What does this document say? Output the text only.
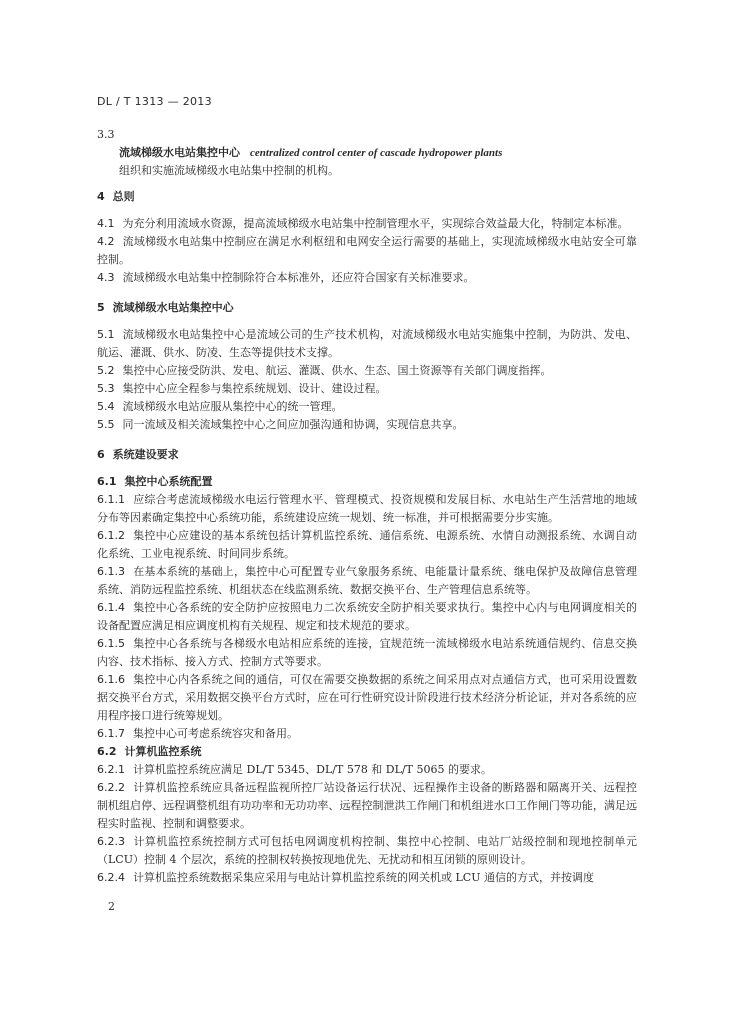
DL / T 1313 — 2013

3.3

流域梯级水电站集控中心 centralized control center of cascade hydropower plants

组织和实施流域梯级水电站集中控制的机构。

4 总则

4.1 为充分利用流域水资源，提高流域梯级水电站集中控制管理水平，实现综合效益最大化，特制定本标准。

4.2 流域梯级水电站集中控制应在满足水利枢纽和电网安全运行需要的基础上，实现流域梯级水电站安全可靠控制。

4.3 流域梯级水电站集中控制除符合本标准外，还应符合国家有关标准要求。

5 流域梯级水电站集控中心

5.1 流域梯级水电站集控中心是流域公司的生产技术机构，对流域梯级水电站实施集中控制，为防洪、发电、航运、灌溉、供水、防凌、生态等提供技术支撑。

5.2 集控中心应接受防洪、发电、航运、灌溉、供水、生态、国土资源等有关部门调度指挥。

5.3 集控中心应全程参与集控系统规划、设计、建设过程。

5.4 流域梯级水电站应服从集控中心的统一管理。

5.5 同一流域及相关流域集控中心之间应加强沟通和协调，实现信息共享。

6 系统建设要求

6.1 集控中心系统配置

6.1.1 应综合考虑流域梯级水电运行管理水平、管理模式、投资规模和发展目标、水电站生产生活营地的地域分布等因素确定集控中心系统功能，系统建设应统一规划、统一标准，并可根据需要分步实施。

6.1.2 集控中心应建设的基本系统包括计算机监控系统、通信系统、电源系统、水情自动测报系统、水调自动化系统、工业电视系统、时间同步系统。

6.1.3 在基本系统的基础上，集控中心可配置专业气象服务系统、电能量计量系统、继电保护及故障信息管理系统、消防远程监控系统、机组状态在线监测系统、数据交换平台、生产管理信息系统等。

6.1.4 集控中心各系统的安全防护应按照电力二次系统安全防护相关要求执行。集控中心内与电网调度相关的设备配置应满足相应调度机构有关规程、规定和技术规范的要求。

6.1.5 集控中心各系统与各梯级水电站相应系统的连接，宜规范统一流域梯级水电站系统通信规约、信息交换内容、技术指标、接入方式、控制方式等要求。

6.1.6 集控中心内各系统之间的通信，可仅在需要交换数据的系统之间采用点对点通信方式，也可采用设置数据交换平台方式，采用数据交换平台方式时，应在可行性研究设计阶段进行技术经济分析论证，并对各系统的应用程序接口进行统筹规划。

6.1.7 集控中心可考虑系统容灾和备用。

6.2 计算机监控系统

6.2.1 计算机监控系统应满足 DL/T 5345、DL/T 578 和 DL/T 5065 的要求。

6.2.2 计算机监控系统应具备远程监视所控厂站设备运行状况、远程操作主设备的断路器和隔离开关、远程控制机组启停、远程调整机组有功功率和无功功率、远程控制泄洪工作闸门和机组进水口工作闸门等功能，满足远程实时监视、控制和调整要求。

6.2.3 计算机监控系统控制方式可包括电网调度机构控制、集控中心控制、电站厂站级控制和现地控制单元（LCU）控制 4 个层次，系统的控制权转换按现地优先、无扰动和相互闭锁的原则设计。

6.2.4 计算机监控系统数据采集应采用与电站计算机监控系统的网关机或 LCU 通信的方式，并按调度

2
